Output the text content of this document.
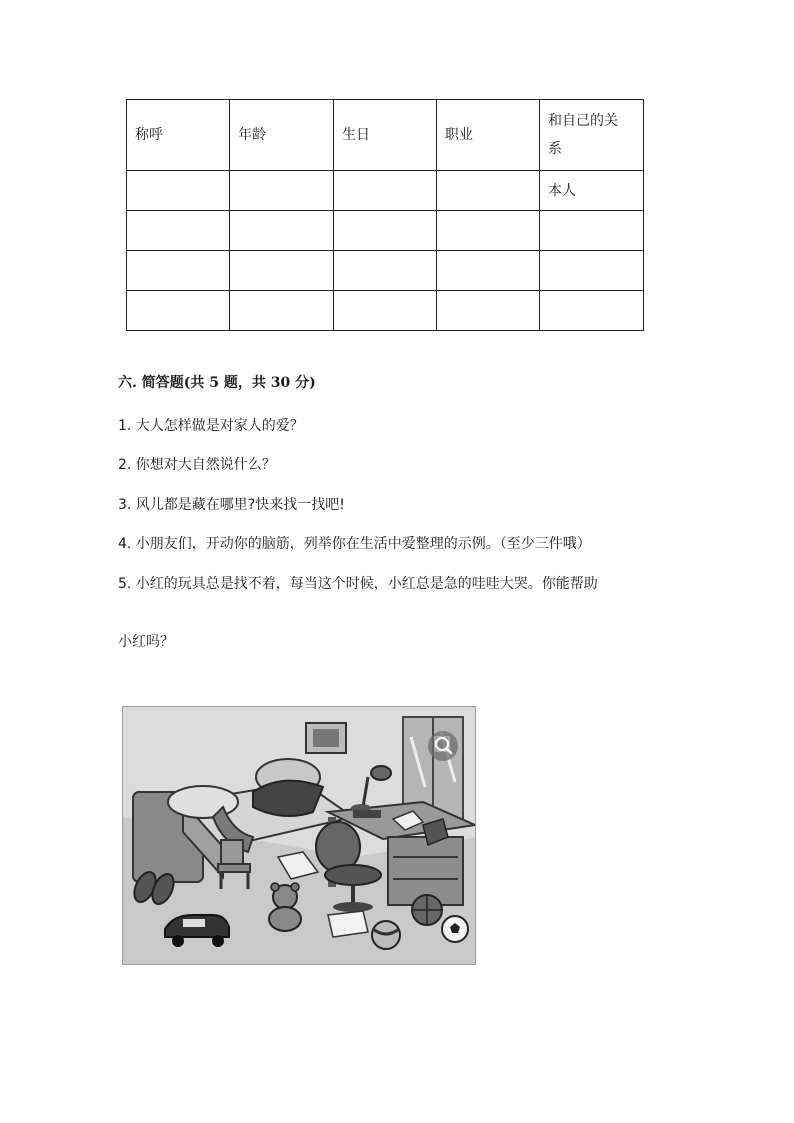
称呼	年龄	生日	职业	和自己的关系
				本人

六. 简答题(共 5 题，共 30 分)
1. 大人怎样做是对家人的爱？
2. 你想对大自然说什么？
3. 风儿都是藏在哪里?快来找一找吧!
4. 小朋友们，开动你的脑筋，列举你在生活中爱整理的示例。（至少三件哦）
5. 小红的玩具总是找不着，每当这个时候，小红总是急的哇哇大哭。你能帮助
小红吗？
